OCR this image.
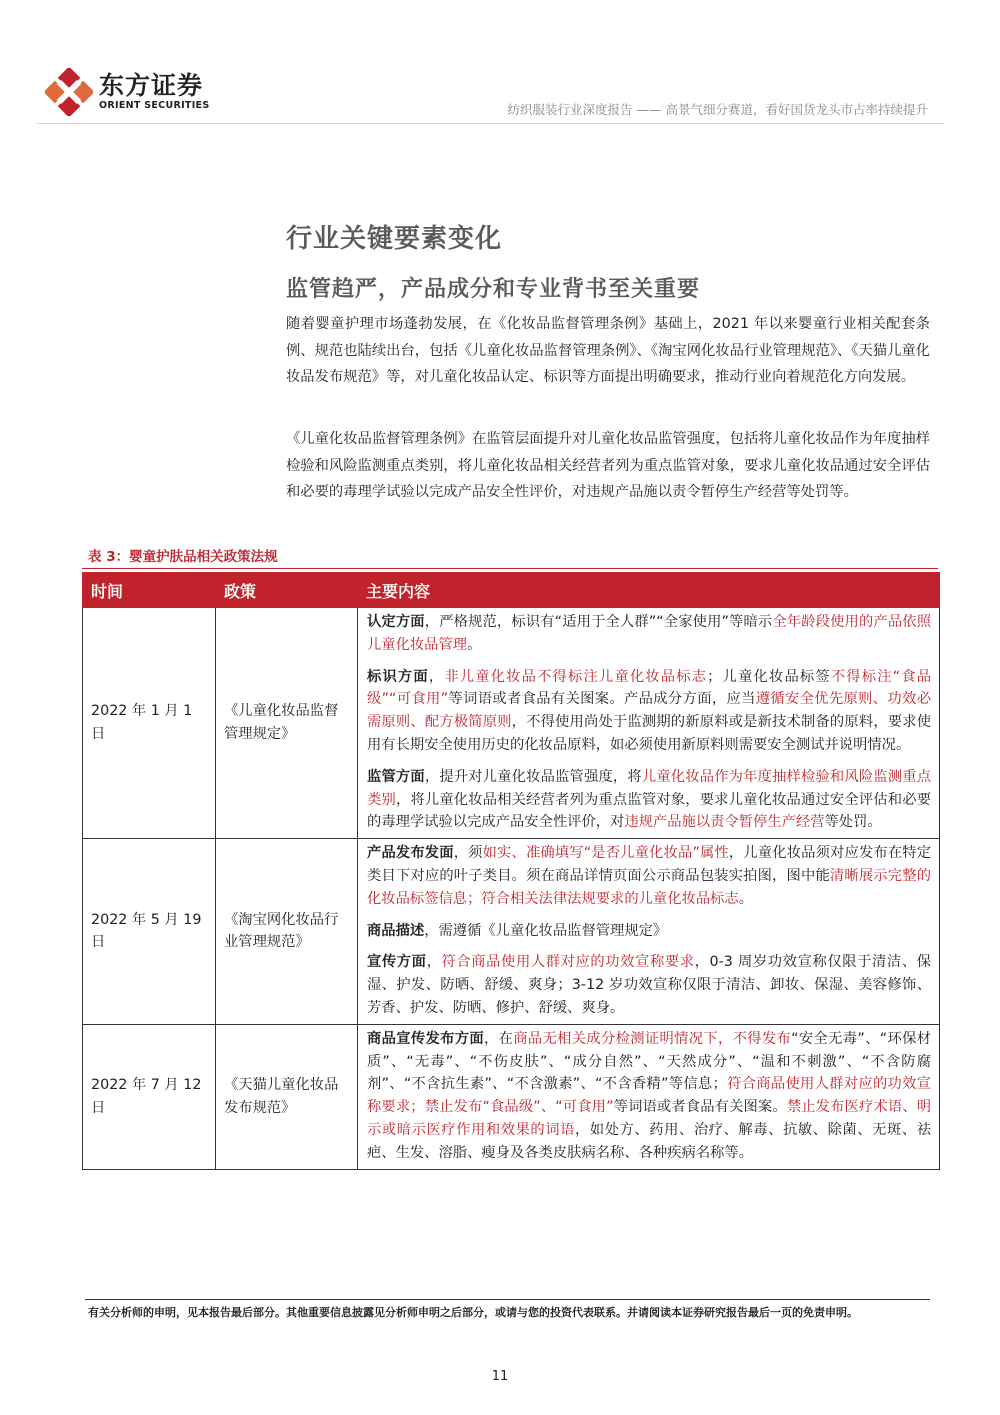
东方证券
ORIENT SECURITIES	纺织服装行业深度报告 —— 高景气细分赛道，看好国货龙头市占率持续提升
行业关键要素变化
监管趋严，产品成分和专业背书至关重要
随着婴童护理市场蓬勃发展，在《化妆品监督管理条例》基础上，2021 年以来婴童行业相关配套条例、规范也陆续出台，包括《儿童化妆品监督管理条例》、《淘宝网化妆品行业管理规范》、《天猫儿童化妆品发布规范》等，对儿童化妆品认定、标识等方面提出明确要求，推动行业向着规范化方向发展。
《儿童化妆品监督管理条例》在监管层面提升对儿童化妆品监管强度，包括将儿童化妆品作为年度抽样检验和风险监测重点类别，将儿童化妆品相关经营者列为重点监管对象，要求儿童化妆品通过安全评估和必要的毒理学试验以完成产品安全性评价，对违规产品施以责令暂停生产经营等处罚等。
表 3：婴童护肤品相关政策法规
时间	政策	主要内容
2022 年 1 月 1 日	《儿童化妆品监督管理规定》	认定方面，严格规范，标识有“适用于全人群”“全家使用”等暗示全年龄段使用的产品依照儿童化妆品管理。

标识方面，非儿童化妆品不得标注儿童化妆品标志；儿童化妆品标签不得标注“食品级”“可食用”等词语或者食品有关图案。产品成分方面，应当遵循安全优先原则、功效必需原则、配方极简原则，不得使用尚处于监测期的新原料或是新技术制备的原料，要求使用有长期安全使用历史的化妆品原料，如必须使用新原料则需要安全测试并说明情况。

监管方面，提升对儿童化妆品监管强度，将儿童化妆品作为年度抽样检验和风险监测重点类别，将儿童化妆品相关经营者列为重点监管对象，要求儿童化妆品通过安全评估和必要的毒理学试验以完成产品安全性评价，对违规产品施以责令暂停生产经营等处罚。

2022 年 5 月 19 日	《淘宝网化妆品行业管理规范》	产品发布发面，须如实、准确填写“是否儿童化妆品”属性，儿童化妆品须对应发布在特定类目下对应的叶子类目。须在商品详情页面公示商品包装实拍图，图中能清晰展示完整的化妆品标签信息；符合相关法律法规要求的儿童化妆品标志。

商品描述，需遵循《儿童化妆品监督管理规定》

宣传方面，符合商品使用人群对应的功效宣称要求，0-3 周岁功效宣称仅限于清洁、保湿、护发、防晒、舒缓、爽身；3-12 岁功效宣称仅限于清洁、卸妆、保湿、美容修饰、芳香、护发、防晒、修护、舒缓、爽身。

2022 年 7 月 12 日	《天猫儿童化妆品发布规范》	商品宣传发布方面，在商品无相关成分检测证明情况下，不得发布“安全无毒”、“环保材质”、“无毒”、“不伤皮肤”、“成分自然”、“天然成分”、“温和不刺激”、“不含防腐剂”、“不含抗生素”、“不含激素”、“不含香精”等信息；符合商品使用人群对应的功效宣称要求；禁止发布“食品级”、“可食用”等词语或者食品有关图案。禁止发布医疗术语、明示或暗示医疗作用和效果的词语，如处方、药用、治疗、解毒、抗敏、除菌、无斑、祛疤、生发、溶脂、瘦身及各类皮肤病名称、各种疾病名称等。

有关分析师的申明，见本报告最后部分。其他重要信息披露见分析师申明之后部分，或请与您的投资代表联系。并请阅读本证券研究报告最后一页的免责申明。
11
